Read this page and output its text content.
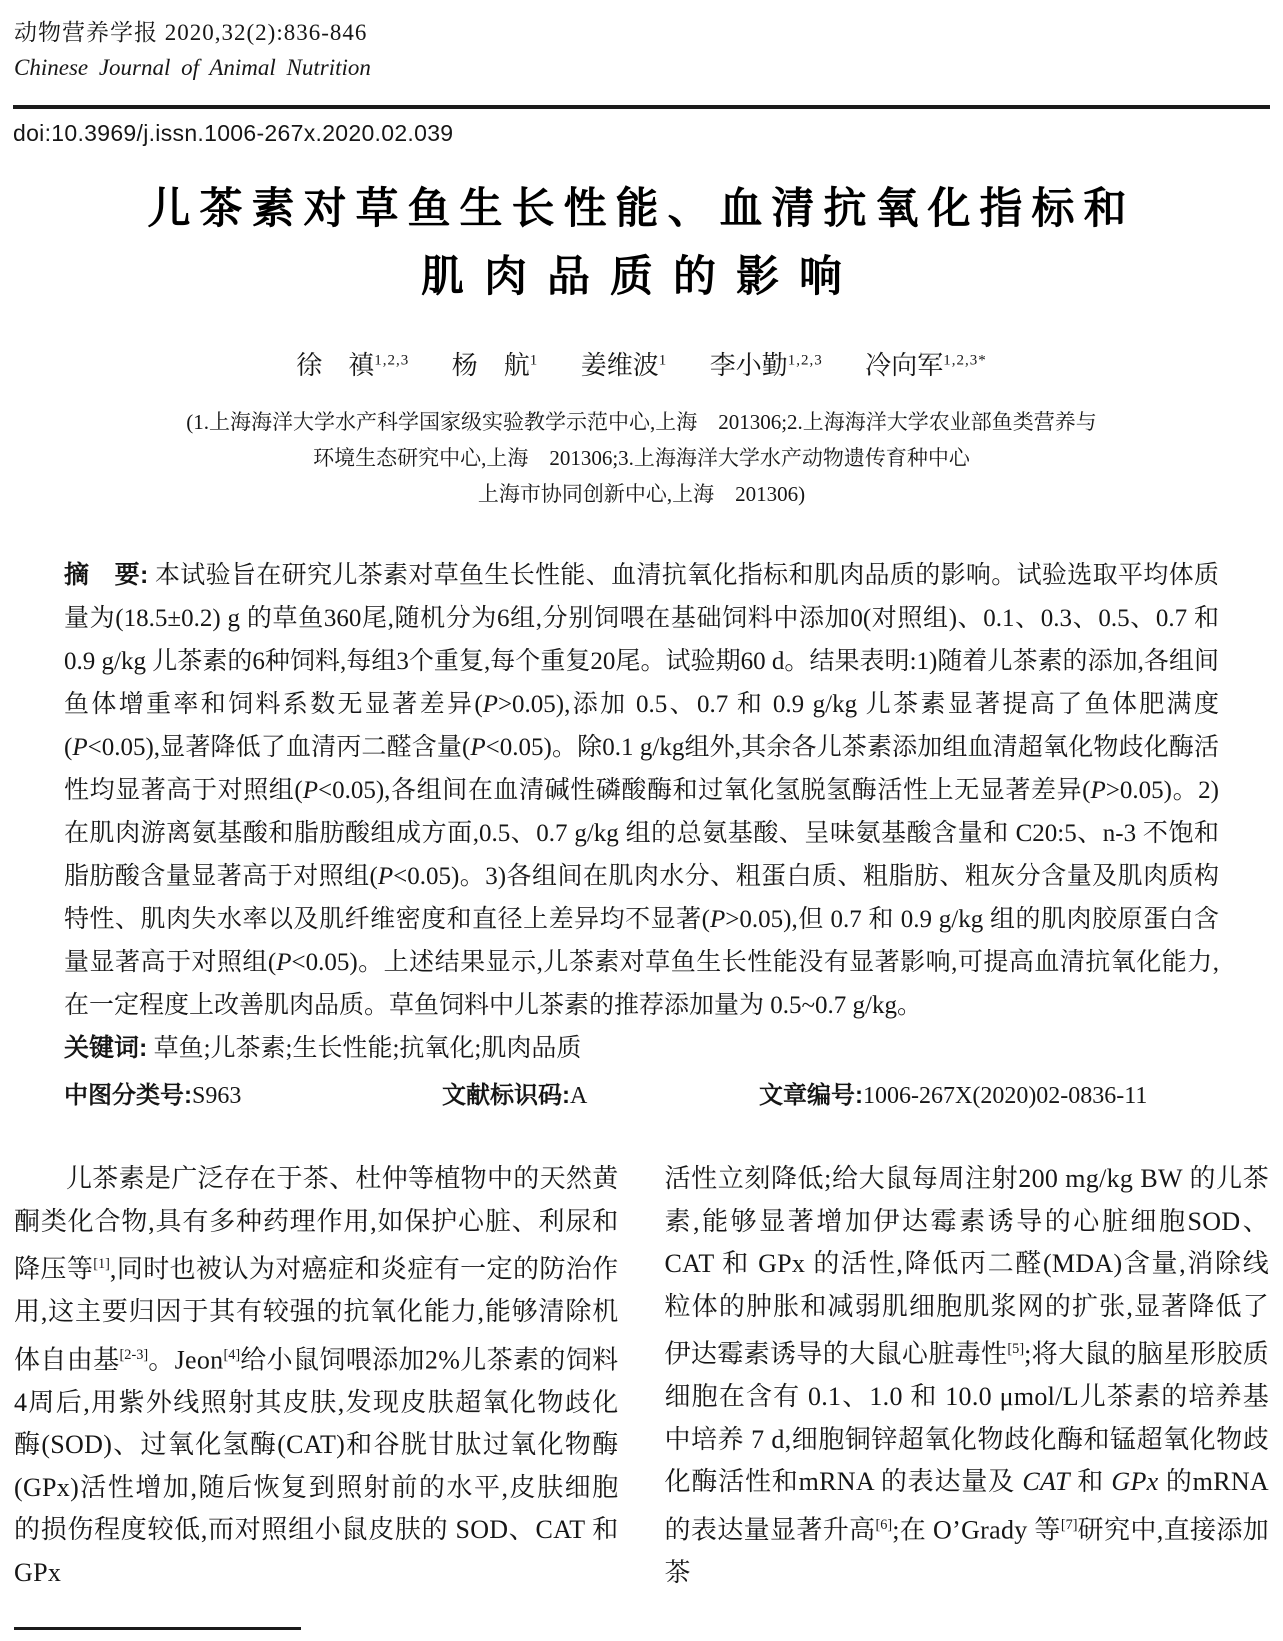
动物营养学报 2020,32(2):836-846
Chinese Journal of Animal Nutrition
doi:10.3969/j.issn.1006-267x.2020.02.039
儿茶素对草鱼生长性能、血清抗氧化指标和
肌肉品质的影响
徐　禛$^{1,2,3}$ 杨　航$^1$ 姜维波$^1$ 李小勤$^{1,2,3}$ 冷向军$^{1,2,3*}$
(1.上海海洋大学水产科学国家级实验教学示范中心,上海　201306;2.上海海洋大学农业部鱼类营养与
环境生态研究中心,上海　201306;3.上海海洋大学水产动物遗传育种中心
上海市协同创新中心,上海　201306)

摘　要: 本试验旨在研究儿茶素对草鱼生长性能、血清抗氧化指标和肌肉品质的影响。试验选取平均体质量为(18.5±0.2) g 的草鱼360尾,随机分为6组,分别饲喂在基础饲料中添加0(对照组)、0.1、0.3、0.5、0.7 和 0.9 g/kg 儿茶素的6种饲料,每组3个重复,每个重复20尾。试验期60 d。结果表明:1)随着儿茶素的添加,各组间鱼体增重率和饲料系数无显著差异(P>0.05),添加 0.5、0.7 和 0.9 g/kg 儿茶素显著提高了鱼体肥满度(P<0.05),显著降低了血清丙二醛含量(P<0.05)。除0.1 g/kg组外,其余各儿茶素添加组血清超氧化物歧化酶活性均显著高于对照组(P<0.05),各组间在血清碱性磷酸酶和过氧化氢脱氢酶活性上无显著差异(P>0.05)。2)在肌肉游离氨基酸和脂肪酸组成方面,0.5、0.7 g/kg 组的总氨基酸、呈味氨基酸含量和 C20:5、n-3 不饱和脂肪酸含量显著高于对照组(P<0.05)。3)各组间在肌肉水分、粗蛋白质、粗脂肪、粗灰分含量及肌肉质构特性、肌肉失水率以及肌纤维密度和直径上差异均不显著(P>0.05),但 0.7 和 0.9 g/kg 组的肌肉胶原蛋白含量显著高于对照组(P<0.05)。上述结果显示,儿茶素对草鱼生长性能没有显著影响,可提高血清抗氧化能力,在一定程度上改善肌肉品质。草鱼饲料中儿茶素的推荐添加量为 0.5~0.7 g/kg。

关键词: 草鱼;儿茶素;生长性能;抗氧化;肌肉品质

中图分类号:S963	文献标识码:A	文章编号:1006-267X(2020)02-0836-11

儿茶素是广泛存在于茶、杜仲等植物中的天然黄酮类化合物,具有多种药理作用,如保护心脏、利尿和降压等[1],同时也被认为对癌症和炎症有一定的防治作用,这主要归因于其有较强的抗氧化能力,能够清除机体自由基[2-3]。Jeon[4]给小鼠饲喂添加2%儿茶素的饲料4周后,用紫外线照射其皮肤,发现皮肤超氧化物歧化酶(SOD)、过氧化氢酶(CAT)和谷胱甘肽过氧化物酶(GPx)活性增加,随后恢复到照射前的水平,皮肤细胞的损伤程度较低,而对照组小鼠皮肤的 SOD、CAT 和 GPx

活性立刻降低;给大鼠每周注射200 mg/kg BW 的儿茶素,能够显著增加伊达霉素诱导的心脏细胞SOD、CAT 和 GPx 的活性,降低丙二醛(MDA)含量,消除线粒体的肿胀和减弱肌细胞肌浆网的扩张,显著降低了伊达霉素诱导的大鼠心脏毒性[5];将大鼠的脑星形胶质细胞在含有 0.1、1.0 和 10.0 μmol/L儿茶素的培养基中培养 7 d,细胞铜锌超氧化物歧化酶和锰超氧化物歧化酶活性和mRNA 的表达量及 CAT 和 GPx 的mRNA的表达量显著升高[6];在 O’Grady 等[7]研究中,直接添加茶
